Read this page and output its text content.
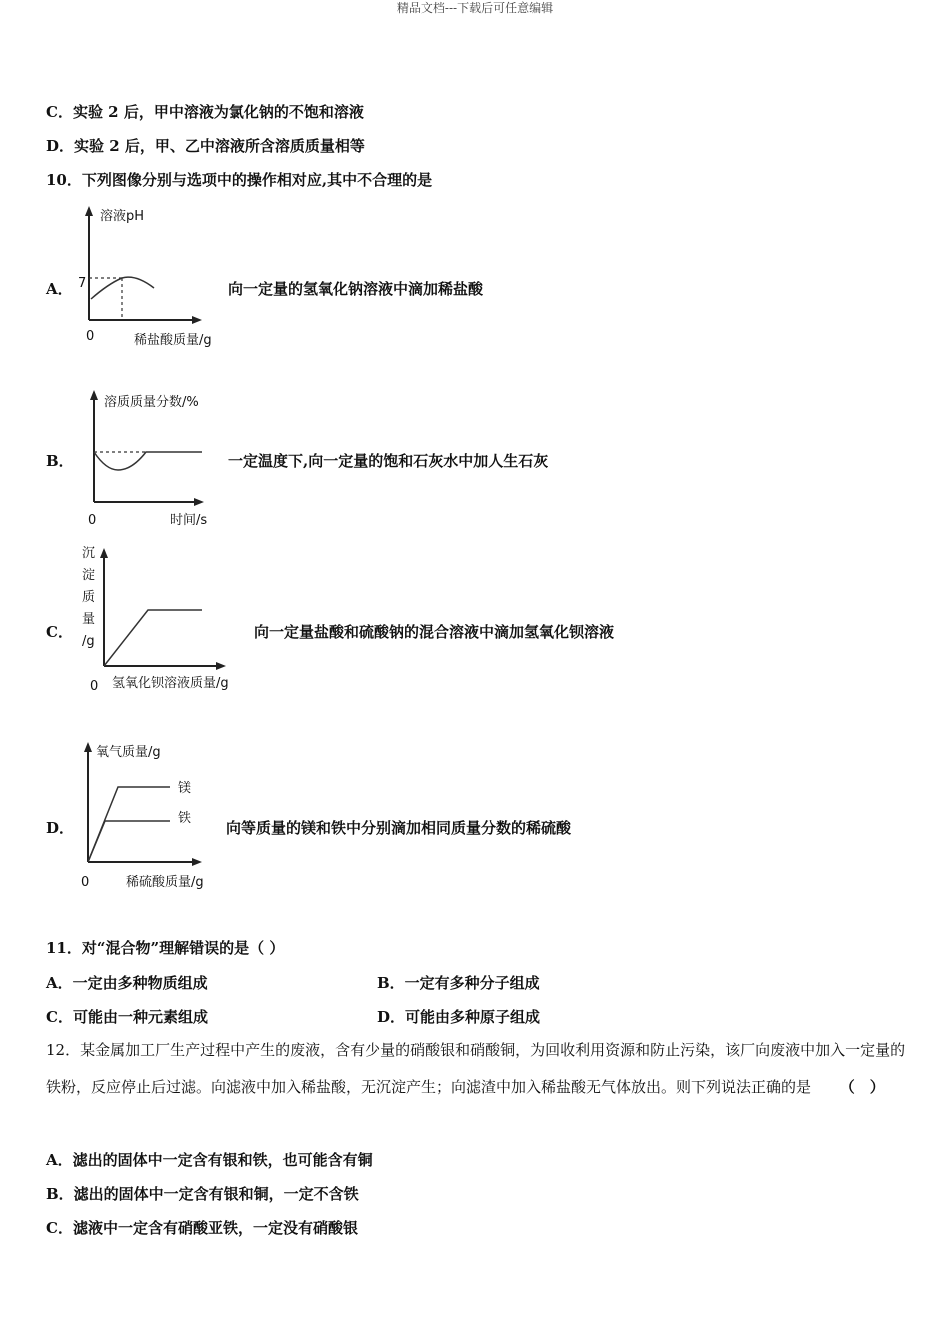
精品文档---下载后可任意编辑
C．实验 2 后，甲中溶液为氯化钠的不饱和溶液
D．实验 2 后，甲、乙中溶液所含溶质质量相等
10．下列图像分别与选项中的操作相对应,其中不合理的是
A．
溶液pH
7
0	稀盐酸质量/g
向一定量的氢氧化钠溶液中滴加稀盐酸
B．
溶质质量分数/%
0	时间/s
一定温度下,向一定量的饱和石灰水中加人生石灰
C．
沉
淀
质
量
/g
0 氢氧化钡溶液质量/g
向一定量盐酸和硫酸钠的混合溶液中滴加氢氧化钡溶液
D．
氧气质量/g
0	稀硫酸质量/g
镁
铁
向等质量的镁和铁中分别滴加相同质量分数的稀硫酸
11．对“混合物”理解错误的是（ ）
A．一定由多种物质组成	B．一定有多种分子组成
C．可能由一种元素组成	D．可能由多种原子组成
12．某金属加工厂生产过程中产生的废液，含有少量的硝酸银和硝酸铜，为回收利用资源和防止污染，该厂向废液中加入一定量的铁粉，反应停止后过滤。向滤液中加入稀盐酸，无沉淀产生；向滤渣中加入稀盐酸无气体放出。则下列说法正确的是 （　）
A．滤出的固体中一定含有银和铁，也可能含有铜
B．滤出的固体中一定含有银和铜，一定不含铁
C．滤液中一定含有硝酸亚铁，一定没有硝酸银
